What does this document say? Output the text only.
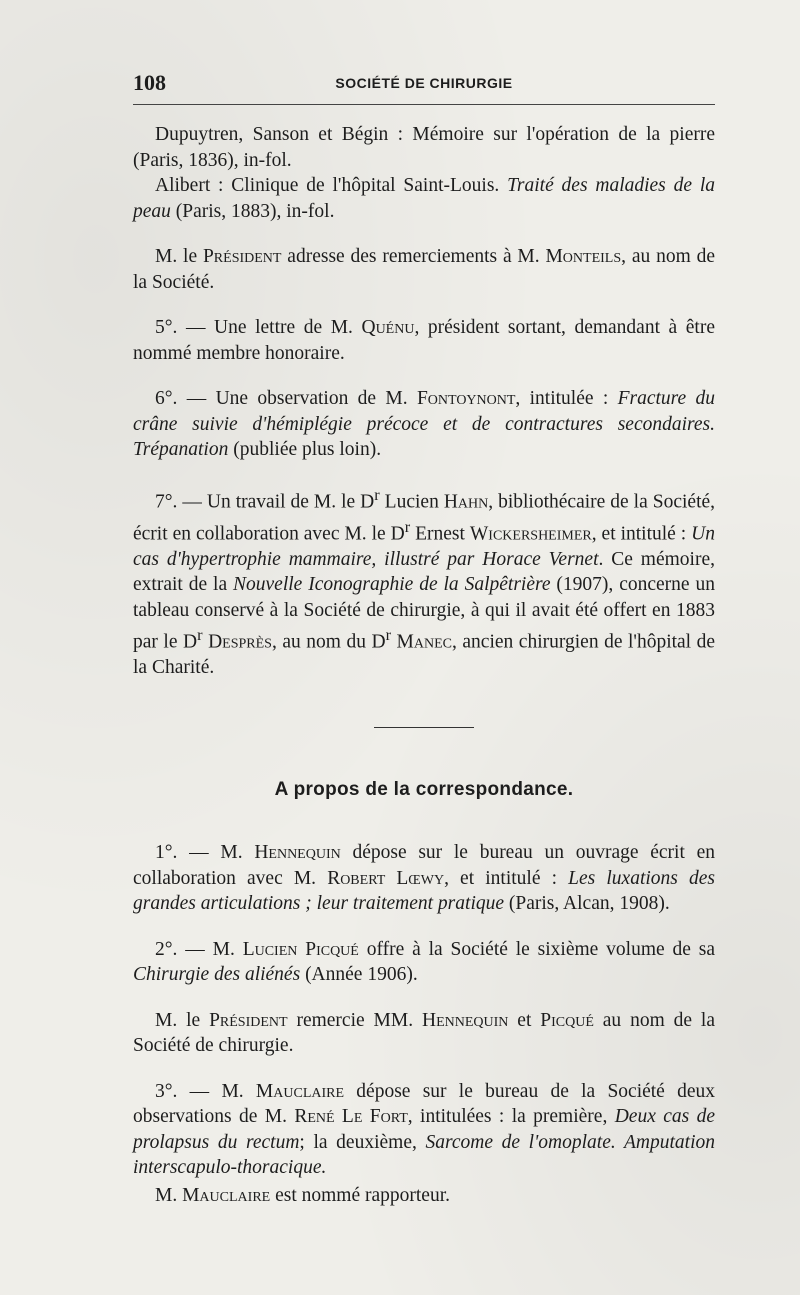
108	SOCIÉTÉ DE CHIRURGIE

Dupuytren, Sanson et Bégin : Mémoire sur l'opération de la pierre (Paris, 1836), in-fol.

Alibert : Clinique de l'hôpital Saint-Louis. Traité des maladies de la peau (Paris, 1883), in-fol.

M. le Président adresse des remerciements à M. Monteils, au nom de la Société.

5°. — Une lettre de M. Quénu, président sortant, demandant à être nommé membre honoraire.

6°. — Une observation de M. Fontoynont, intitulée : Fracture du crâne suivie d'hémiplégie précoce et de contractures secondaires. Trépanation (publiée plus loin).

7°. — Un travail de M. le $D^r$ Lucien Hahn, bibliothécaire de la Société, écrit en collaboration avec M. le $D^r$ Ernest Wickersheimer, et intitulé : Un cas d'hypertrophie mammaire, illustré par Horace Vernet. Ce mémoire, extrait de la Nouvelle Iconographie de la Salpêtrière (1907), concerne un tableau conservé à la Société de chirurgie, à qui il avait été offert en 1883 par le $D^r$ Desprès, au nom du $D^r$ Manec, ancien chirurgien de l'hôpital de la Charité.

A propos de la correspondance.

1°. — M. Hennequin dépose sur le bureau un ouvrage écrit en collaboration avec M. Robert Lœwy, et intitulé : Les luxations des grandes articulations ; leur traitement pratique (Paris, Alcan, 1908).

2°. — M. Lucien Picqué offre à la Société le sixième volume de sa Chirurgie des aliénés (Année 1906).

M. le Président remercie MM. Hennequin et Picqué au nom de la Société de chirurgie.

3°. — M. Mauclaire dépose sur le bureau de la Société deux observations de M. René Le Fort, intitulées : la première, Deux cas de prolapsus du rectum; la deuxième, Sarcome de l'omoplate. Amputation interscapulo-thoracique.

M. Mauclaire est nommé rapporteur.
